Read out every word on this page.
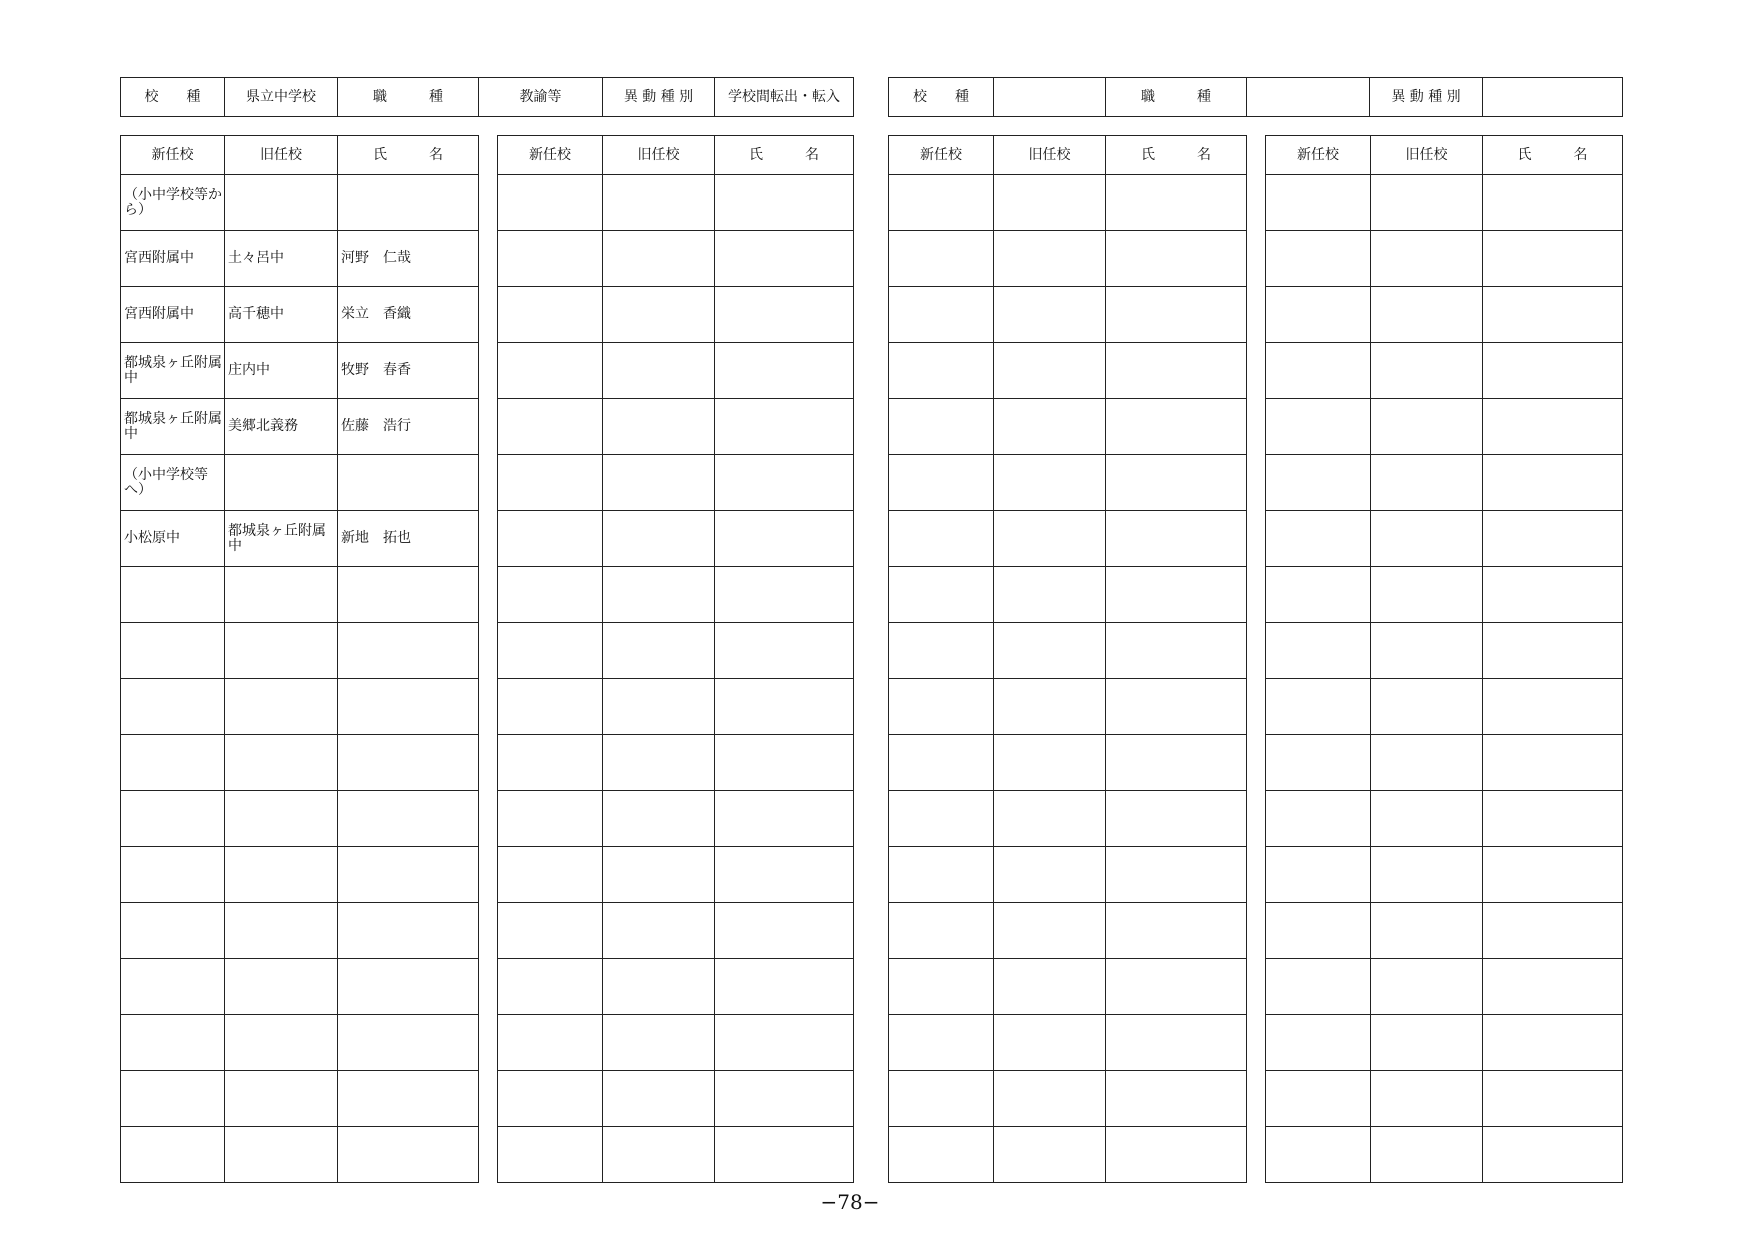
校　　種	県立中学校	職　　　種	教諭等	異 動 種 別	学校間転出・転入	校　　種		職　　　種		異 動 種 別	
新任校	旧任校	氏　　　名
（小中学校等から）		
宮西附属中	土々呂中	河野　仁哉
宮西附属中	高千穂中	栄立　香織
都城泉ヶ丘附属中	庄内中	牧野　春香
都城泉ヶ丘附属中	美郷北義務	佐藤　浩行
（小中学校等へ）		
小松原中	都城泉ヶ丘附属中	新地　拓也

新任校	旧任校	氏　　　名

			新任校	旧任校	氏　　　名

			新任校	旧任校	氏　　　名

−78−
